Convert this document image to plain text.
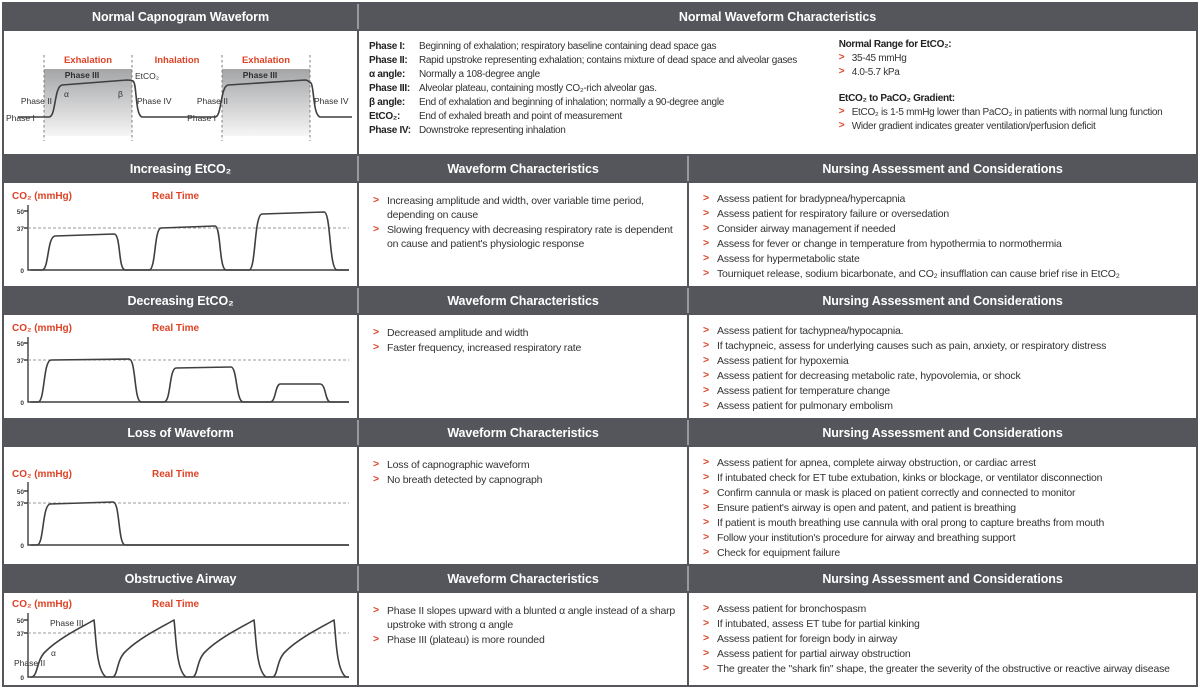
Normal Capnogram Waveform	Normal Waveform Characteristics
Exhalation	Inhalation	Exhalation
Phase III	Phase III
α	β
Phase II	Phase II
Phase I	Phase I
EtCO₂
Phase IV	Phase IV
Phase I:	Beginning of exhalation; respiratory baseline containing dead space gas
Phase II:	Rapid upstroke representing exhalation; contains mixture of dead space and alveolar gases
α angle:	Normally a 108-degree angle
Phase III: Alveolar plateau, containing mostly CO₂-rich alveolar gas.
β angle:	End of exhalation and beginning of inhalation; normally a 90-degree angle
EtCO₂:	End of exhaled breath and point of measurement
Phase IV: Downstroke representing inhalation
Normal Range for EtCO₂:
> 35-45 mmHg
> 4.0-5.7 kPa
EtCO₂ to PaCO₂ Gradient:
> EtCO₂ is 1-5 mmHg lower than PaCO₂ in patients with normal lung function
> Wider gradient indicates greater ventilation/perfusion deficit
Increasing EtCO₂	Waveform Characteristics	Nursing Assessment and Considerations
CO₂ (mmHg)	Real Time
50
37
0
> Increasing amplitude and width, over variable time period, depending on cause
> Slowing frequency with decreasing respiratory rate is dependent on cause and patient's physiologic response
> Assess patient for bradypnea/hypercapnia
> Assess patient for respiratory failure or oversedation
> Consider airway management if needed
> Assess for fever or change in temperature from hypothermia to normothermia
> Assess for hypermetabolic state
> Tourniquet release, sodium bicarbonate, and CO₂ insufflation can cause brief rise in EtCO₂
Decreasing EtCO₂	Waveform Characteristics	Nursing Assessment and Considerations
CO₂ (mmHg)	Real Time
50
37
0
> Decreased amplitude and width
> Faster frequency, increased respiratory rate
> Assess patient for tachypnea/hypocapnia.
> If tachypneic, assess for underlying causes such as pain, anxiety, or respiratory distress
> Assess patient for hypoxemia
> Assess patient for decreasing metabolic rate, hypovolemia, or shock
> Assess patient for temperature change
> Assess patient for pulmonary embolism
Loss of Waveform	Waveform Characteristics	Nursing Assessment and Considerations
CO₂ (mmHg)	Real Time
50
37
0
> Loss of capnographic waveform
> No breath detected by capnograph
> Assess patient for apnea, complete airway obstruction, or cardiac arrest
> If intubated check for ET tube extubation, kinks or blockage, or ventilator disconnection
> Confirm cannula or mask is placed on patient correctly and connected to monitor
> Ensure patient's airway is open and patent, and patient is breathing
> If patient is mouth breathing use cannula with oral prong to capture breaths from mouth
> Follow your institution's procedure for airway and breathing support
> Check for equipment failure
Obstructive Airway	Waveform Characteristics	Nursing Assessment and Considerations
CO₂ (mmHg)	Real Time
50
37
0
Phase III
α
Phase II
> Phase II slopes upward with a blunted α angle instead of a sharp upstroke with strong α angle
> Phase III (plateau) is more rounded
> Assess patient for bronchospasm
> If intubated, assess ET tube for partial kinking
> Assess patient for foreign body in airway
> Assess patient for partial airway obstruction
> The greater the "shark fin" shape, the greater the severity of the obstructive or reactive airway disease
